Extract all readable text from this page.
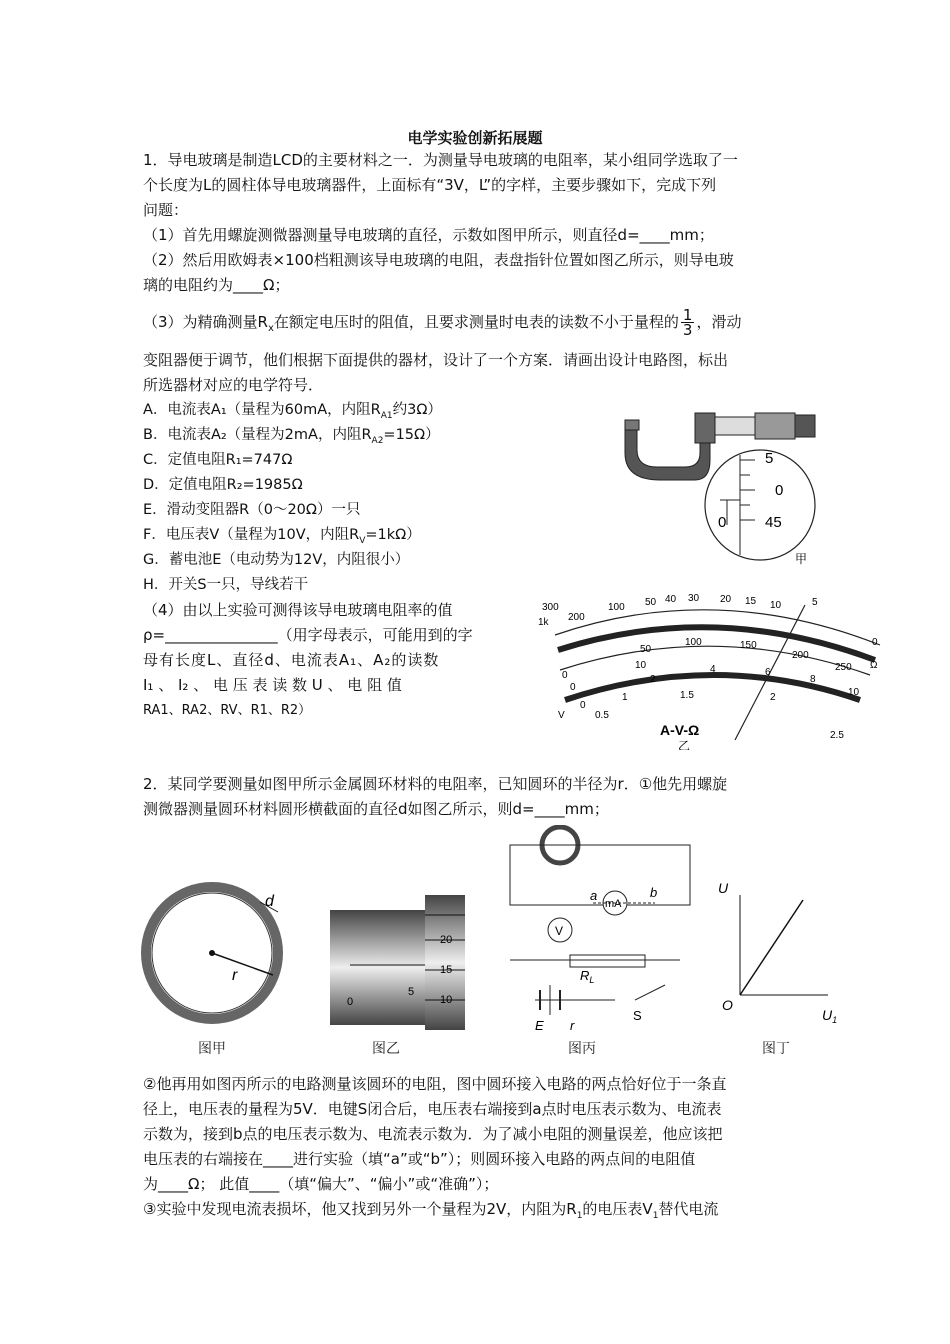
电学实验创新拓展题
1．导电玻璃是制造LCD的主要材料之一．为测量导电玻璃的电阻率，某小组同学选取了一
个长度为L的圆柱体导电玻璃器件，上面标有“3V，L”的字样，主要步骤如下，完成下列
问题：
（1）首先用螺旋测微器测量导电玻璃的直径，示数如图甲所示，则直径d=____mm；
（2）然后用欧姆表×100档粗测该导电玻璃的电阻，表盘指针位置如图乙所示，则导电玻
璃的电阻约为____Ω；
（3）为精确测量$R_x$在额定电压时的阻值，且要求测量时电表的读数不小于量程的 $\frac{1}{3}$ ，滑动
变阻器便于调节，他们根据下面提供的器材，设计了一个方案．请画出设计电路图，标出
所选器材对应的电学符号．
A．电流表A₁（量程为60mA，内阻$R_{A1}$约3Ω）
B．电流表A₂（量程为2mA，内阻$R_{A2}=15\Omega$）
C．定值电阻R₁=747Ω
D．定值电阻R₂=1985Ω
E．滑动变阻器R（0～20Ω）一只
F．电压表V（量程为10V，内阻$R_V=1k\Omega$）
G．蓄电池E（电动势为12V，内阻很小）
H．开关S一只，导线若干
（4）由以上实验可测得该导电玻璃电阻率的值
ρ=_______________（用字母表示，可能用到的字
母有长度L、直径d、电流表A₁、A₂的读数
I₁ 、 I₂ 、 电 压 表 读 数 U 、 电 阻 值
RA1、RA2、RV、R1、R2）
5
0
45
0
甲
300
1k 200
100 50 40 30 20 15 10	5
0
Ω
0
50
100	150
200
250
0
10
2
4	6
8
10
V
0
0.5
1	1.5	2
2.5
A-V-Ω
乙
2．某同学要测量如图甲所示金属圆环材料的电阻率，已知圆环的半径为r．①他先用螺旋
测微器测量圆环材料圆形横截面的直径d如图乙所示，则d=____mm；
r
d
20
15
10
0
5
a	b
mA
V
$R_L$
E r
S
U
O
$U_1$
图甲	图乙	图丙	图丁
②他再用如图丙所示的电路测量该圆环的电阻，图中圆环接入电路的两点恰好位于一条直
径上，电压表的量程为5V．电键S闭合后，电压表右端接到a点时电压表示数为、电流表
示数为，接到b点的电压表示数为、电流表示数为．为了减小电阻的测量误差，他应该把
电压表的右端接在____进行实验（填“a”或“b”）；则圆环接入电路的两点间的电阻值
为____Ω； 此值____（填“偏大”、“偏小”或“准确”）；
③实验中发现电流表损坏，他又找到另外一个量程为2V，内阻为$R_1$的电压表$V_1$替代电流
